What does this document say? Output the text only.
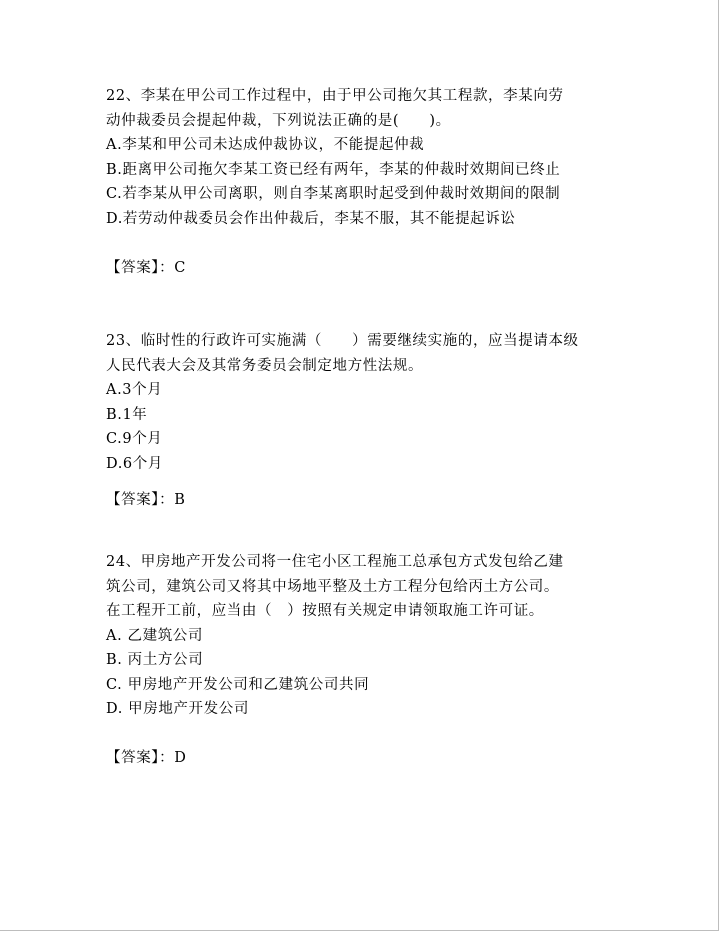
22、李某在甲公司工作过程中，由于甲公司拖欠其工程款，李某向劳
动仲裁委员会提起仲裁，下列说法正确的是(　　)。
A.李某和甲公司未达成仲裁协议，不能提起仲裁
B.距离甲公司拖欠李某工资已经有两年，李某的仲裁时效期间已终止
C.若李某从甲公司离职，则自李某离职时起受到仲裁时效期间的限制
D.若劳动仲裁委员会作出仲裁后，李某不服，其不能提起诉讼
【答案】：C
23、临时性的行政许可实施满（　　）需要继续实施的，应当提请本级
人民代表大会及其常务委员会制定地方性法规。
A.3个月
B.1年
C.9个月
D.6个月
【答案】：B
24、甲房地产开发公司将一住宅小区工程施工总承包方式发包给乙建
筑公司，建筑公司又将其中场地平整及土方工程分包给丙土方公司。
在工程开工前，应当由（　）按照有关规定申请领取施工许可证。
A. 乙建筑公司
B. 丙土方公司
C. 甲房地产开发公司和乙建筑公司共同
D. 甲房地产开发公司
【答案】：D
